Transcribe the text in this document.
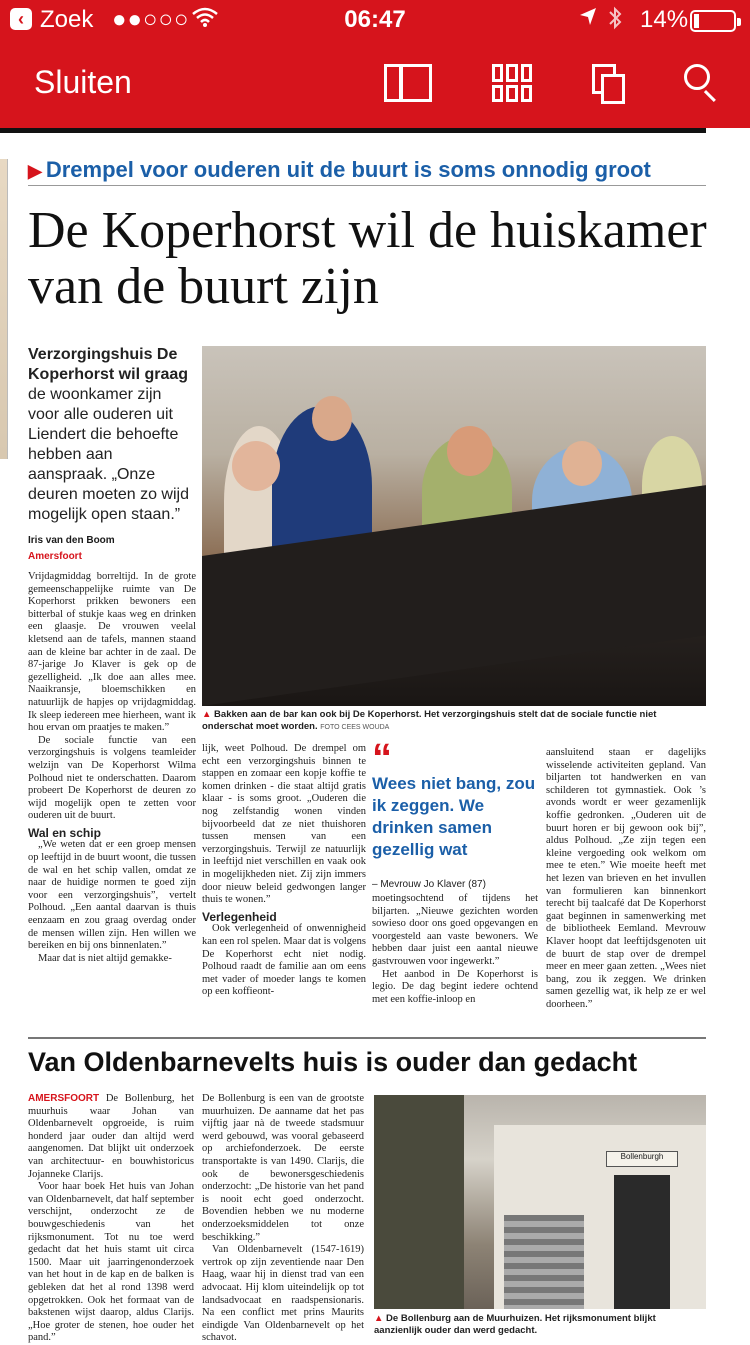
‹ Zoek ●●○○○	06:47	14%
Sluiten
▶ Drempel voor ouderen uit de buurt is soms onnodig groot
De Koperhorst wil de huiskamer van de buurt zijn
Verzorgingshuis De Koperhorst wil graag de woonkamer zijn voor alle ouderen uit Liendert die behoefte hebben aan aanspraak. „Onze deuren moeten zo wijd mogelijk open staan.”
Iris van den Boom
Amersfoort

Vrijdagmiddag borreltijd. In de grote gemeenschappelijke ruimte van De Koperhorst prikken bewoners een bitterbal of stukje kaas weg en drinken een glaasje. De vrouwen veelal kletsend aan de tafels, mannen staand aan de kleine bar achter in de zaal. De 87-jarige Jo Klaver is gek op de gezelligheid. „Ik doe aan alles mee. Naaikransje, bloemschikken en natuurlijk de hapjes op vrijdagmiddag. Ik sleep iedereen mee hierheen, want ik hou ervan om praatjes te maken.”

De sociale functie van een verzorgingshuis is volgens teamleider welzijn van De Koperhorst Wilma Polhoud niet te onderschatten. Daarom probeert De Koperhorst de deuren zo wijd mogelijk open te zetten voor ouderen uit de buurt.

Wal en schip

„We weten dat er een groep mensen op leeftijd in de buurt woont, die tussen de wal en het schip vallen, omdat ze naar de huidige normen te goed zijn voor een verzorgingshuis”, vertelt Polhoud. „Een aantal daarvan is thuis eenzaam en zou graag overdag onder de mensen willen zijn. Hen willen we bereiken en bij ons binnenlaten.”

Maar dat is niet altijd gemakke-

▲ Bakken aan de bar kan ook bij De Koperhorst. Het verzorgingshuis stelt dat de sociale functie niet onderschat moet worden. FOTO CEES WOUDA

lijk, weet Polhoud. De drempel om echt een verzorgingshuis binnen te stappen en zomaar een kopje koffie te komen drinken - die staat altijd gratis klaar - is soms groot. „Ouderen die nog zelfstandig wonen vinden bijvoorbeeld dat ze niet thuishoren tussen mensen van een verzorgingshuis. Terwijl ze natuurlijk in leeftijd niet verschillen en vaak ook in mogelijkheden niet. Zij zijn immers door nieuw beleid gedwongen langer thuis te wonen.”

Verlegenheid

Ook verlegenheid of onwennigheid kan een rol spelen. Maar dat is volgens De Koperhorst echt niet nodig. Polhoud raadt de familie aan om eens met vader of moeder langs te komen op een koffieont-

“
Wees niet bang, zou ik zeggen. We drinken samen gezellig wat
– Mevrouw Jo Klaver (87)

moetingsochtend of tijdens het biljarten. „Nieuwe gezichten worden sowieso door ons goed opgevangen en voorgesteld aan vaste bewoners. We hebben daar juist een aantal nieuwe gastvrouwen voor ingewerkt.”

Het aanbod in De Koperhorst is legio. De dag begint iedere ochtend met een koffie-inloop en

aansluitend staan er dagelijks wisselende activiteiten gepland. Van biljarten tot handwerken en van schilderen tot gymnastiek. Ook ’s avonds wordt er weer gezamenlijk koffie gedronken. „Ouderen uit de buurt horen er bij gewoon ook bij”, aldus Polhoud. „Ze zijn tegen een kleine vergoeding ook welkom om mee te eten.” Wie moeite heeft met het lezen van brieven en het invullen van formulieren kan binnenkort terecht bij taalcafé dat De Koperhorst gaat beginnen in samenwerking met de bibliotheek Eemland. Mevrouw Klaver hoopt dat leeftijdsgenoten uit de buurt de stap over de drempel meer en meer gaan zetten. „Wees niet bang, zou ik zeggen. We drinken samen gezellig wat, ik help ze er wel doorheen.”

Van Oldenbarnevelts huis is ouder dan gedacht

AMERSFOORT De Bollenburg, het muurhuis waar Johan van Oldenbarnevelt opgroeide, is ruim honderd jaar ouder dan altijd werd aangenomen. Dat blijkt uit onderzoek van architectuur- en bouwhistoricus Jojanneke Clarijs.

Voor haar boek Het huis van Johan van Oldenbarnevelt, dat half september verschijnt, onderzocht ze de bouwgeschiedenis van het rijksmonument. Tot nu toe werd gedacht dat het huis stamt uit circa 1500. Maar uit jaarringenonderzoek van het hout in de kap en de balken is gebleken dat het al rond 1398 werd opgetrokken. Ook het formaat van de bakstenen wijst daarop, aldus Clarijs. „Hoe groter de stenen, hoe ouder het pand.”

De Bollenburg is een van de grootste muurhuizen. De aanname dat het pas vijftig jaar nà de tweede stadsmuur werd gebouwd, was vooral gebaseerd op archiefonderzoek. De eerste transportakte is van 1490. Clarijs, die ook de bewonersgeschiedenis onderzocht: „De historie van het pand is nooit echt goed onderzocht. Bovendien hebben we nu moderne onderzoeksmiddelen tot onze beschikking.”

Van Oldenbarnevelt (1547-1619) vertrok op zijn zeventiende naar Den Haag, waar hij in dienst trad van een advocaat. Hij klom uiteindelijk op tot landsadvocaat en raadspensionaris. Na een conflict met prins Maurits eindigde Van Oldenbarnevelt op het schavot.

Bollenburgh
▲ De Bollenburg aan de Muurhuizen. Het rijksmonument blijkt aanzienlijk ouder dan werd gedacht.
